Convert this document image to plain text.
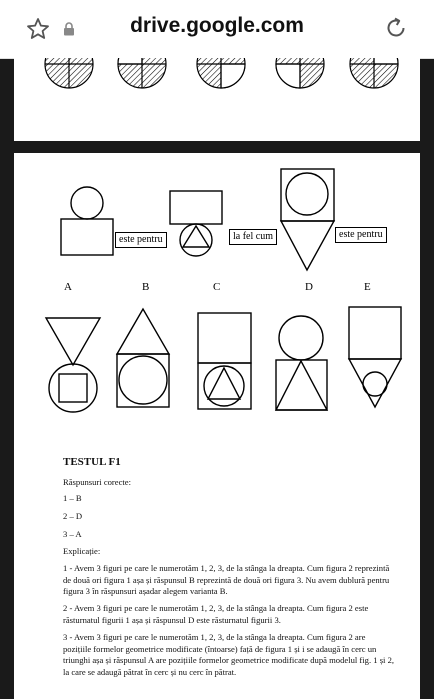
drive.google.com
este pentru	la fel cum	este pentru
A	B	C	D	E
TESTUL F1
Răspunsuri corecte:
1 – B
2 – D
3 – A
Explicație:
1 - Avem 3 figuri pe care le numerotăm 1, 2, 3, de la stânga la dreapta. Cum figura 2 reprezintă de două ori figura 1 așa și răspunsul B reprezintă de două ori figura 3. Nu avem dublură pentru figura 3 în răspunsuri așadar alegem varianta B.
2 - Avem 3 figuri pe care le numerotăm 1, 2, 3, de la stânga la dreapta. Cum figura 2 este răsturnatul figurii 1 așa și răspunsul D este răsturnatul figurii 3.
3 - Avem 3 figuri pe care le numerotăm 1, 2, 3, de la stânga la dreapta. Cum figura 2 are pozițiile formelor geometrice modificate (întoarse) față de figura 1 și i se adaugă în cerc un triunghi așa și răspunsul A are pozițiile formelor geometrice modificate după modelul fig. 1 și 2, la care se adaugă pătrat în cerc și nu cerc în pătrat.
